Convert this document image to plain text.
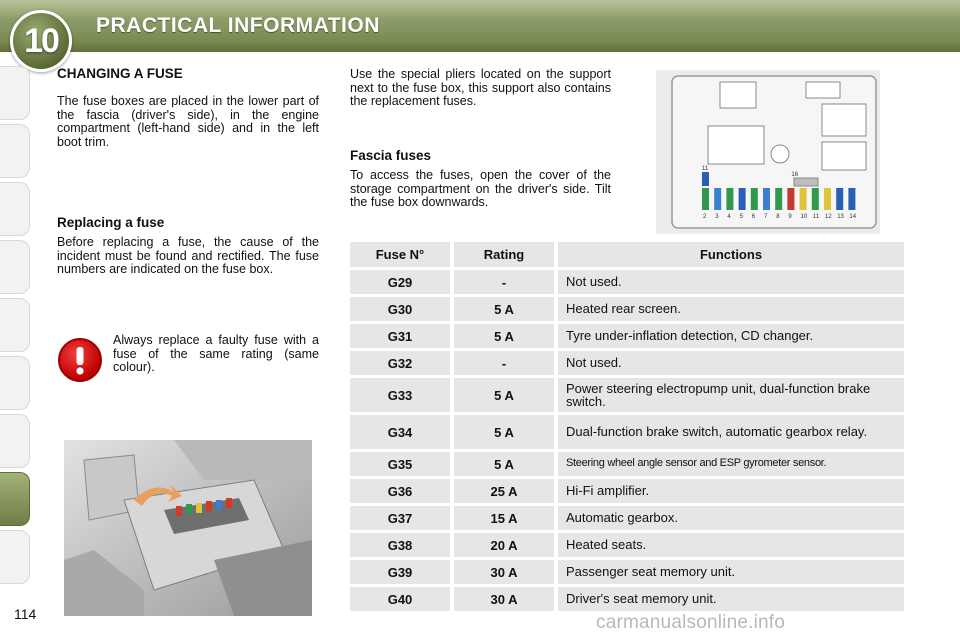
10 PRACTICAL INFORMATION
CHANGING A FUSE
The fuse boxes are placed in the lower part of the fascia (driver's side), in the engine compartment (left-hand side) and in the left boot trim.
Replacing a fuse
Before replacing a fuse, the cause of the incident must be found and rectified. The fuse numbers are indicated on the fuse box.
Always replace a faulty fuse with a fuse of the same rating (same colour).
Use the special pliers located on the support next to the fuse box, this support also contains the replacement fuses.
Fascia fuses
To access the fuses, open the cover of the storage compartment on the driver's side. Tilt the fuse box downwards.
2 3 4 5 6 7 8 9 10 11 12 13 14
11
16
Fuse N°	Rating	Functions
G29	-	Not used.
G30	5 A	Heated rear screen.
G31	5 A	Tyre under-inflation detection, CD changer.
G32	-	Not used.
G33	5 A	Power steering electropump unit, dual-function brake switch.
G34	5 A	Dual-function brake switch, automatic gearbox relay.
G35	5 A	Steering wheel angle sensor and ESP gyrometer sensor.
G36	25 A	Hi-Fi amplifier.
G37	15 A	Automatic gearbox.
G38	20 A	Heated seats.
G39	30 A	Passenger seat memory unit.
G40	30 A	Driver's seat memory unit.
114	carmanualsonline.info
